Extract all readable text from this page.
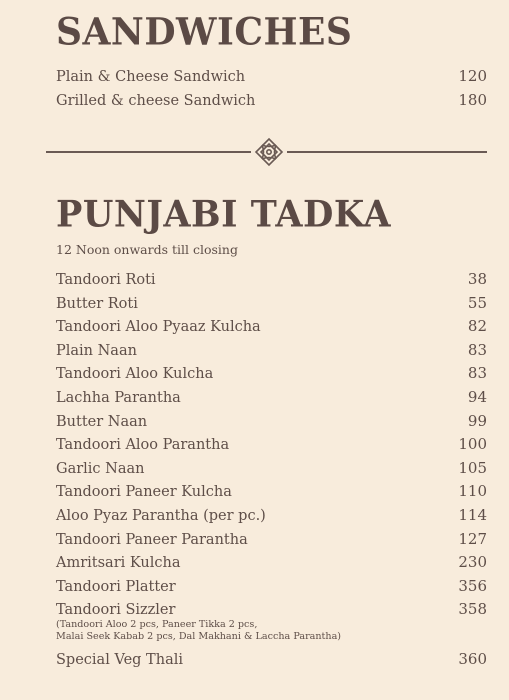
SANDWICHES
Plain & Cheese Sandwich	120
Grilled & cheese Sandwich	180
PUNJABI TADKA
12 Noon onwards till closing
Tandoori Roti	38
Butter Roti	55
Tandoori Aloo Pyaaz Kulcha	82
Plain Naan	83
Tandoori Aloo Kulcha	83
Lachha Parantha	94
Butter Naan	99
Tandoori Aloo Parantha	100
Garlic Naan	105
Tandoori Paneer Kulcha	110
Aloo Pyaz Parantha (per pc.)	114
Tandoori Paneer Parantha	127
Amritsari Kulcha	230
Tandoori Platter	356
Tandoori Sizzler	358
(Tandoori Aloo 2 pcs, Paneer Tikka 2 pcs,
Malai Seek Kabab 2 pcs, Dal Makhani & Laccha Parantha)
Special Veg Thali	360
